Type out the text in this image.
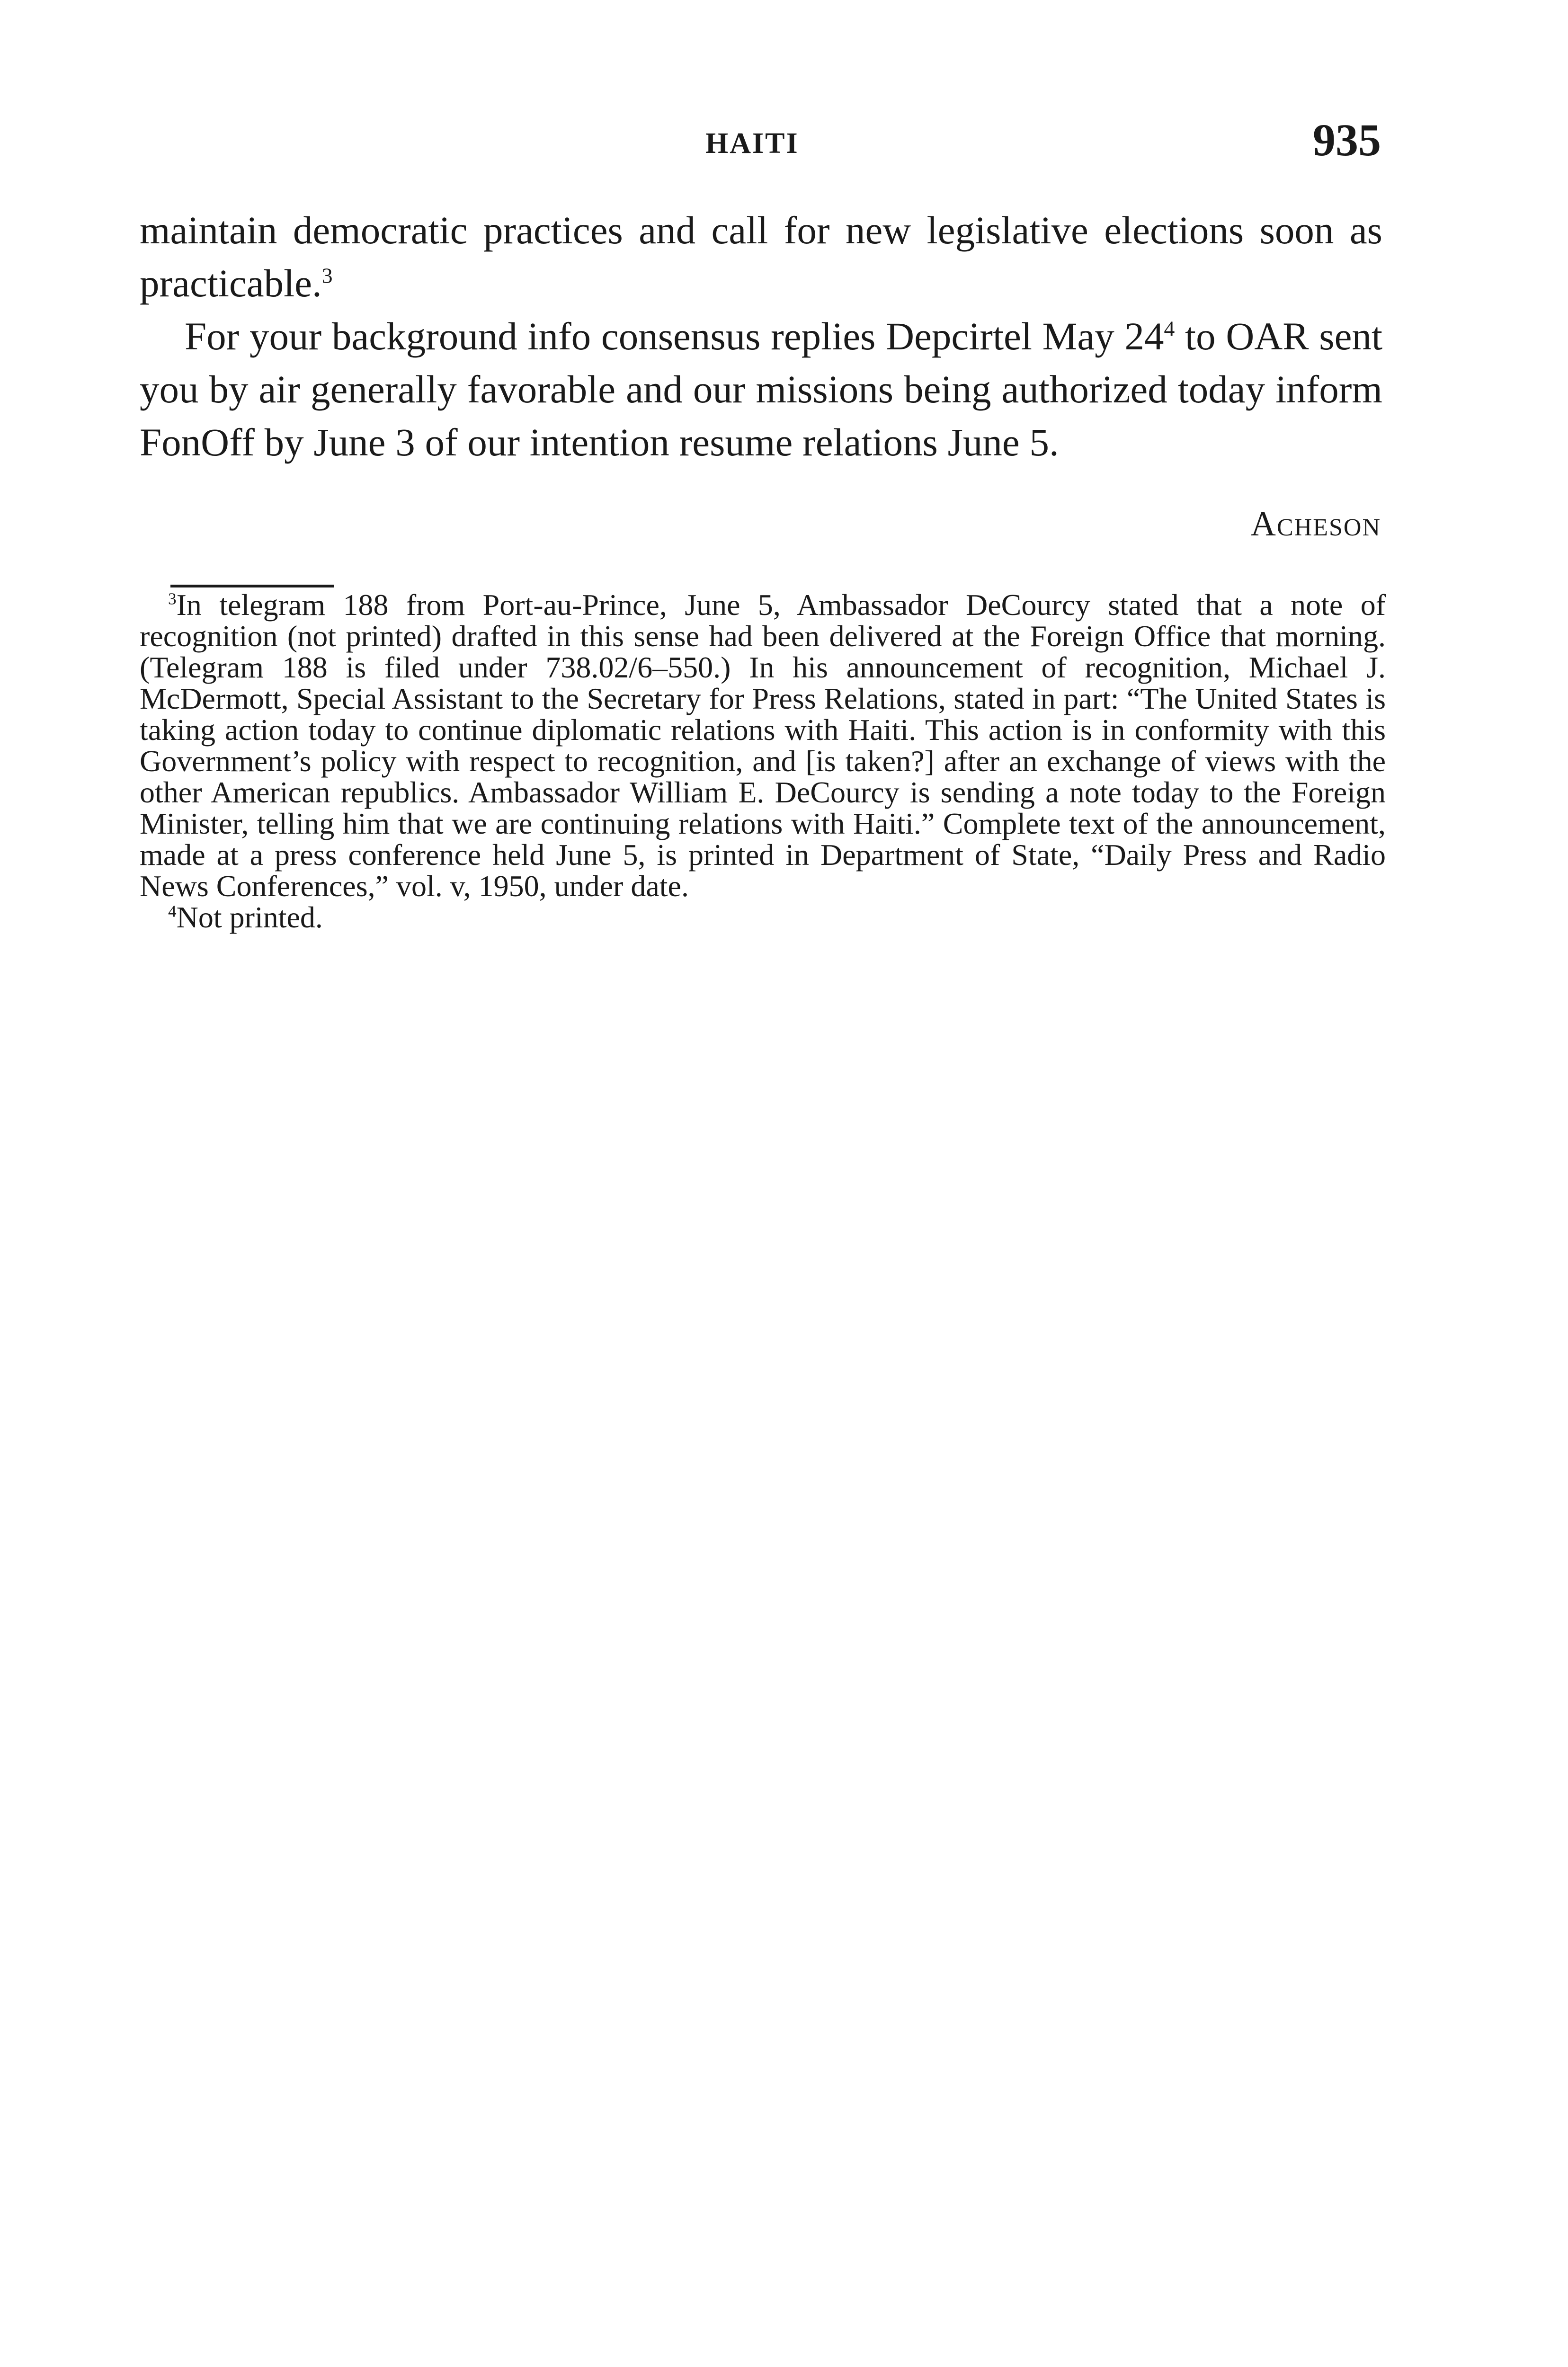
HAITI	935

maintain democratic practices and call for new legislative elections soon as practicable.$^3$

For your background info consensus replies Depcirtel May $24^4$ to OAR sent you by air generally favorable and our missions being authorized today inform FonOff by June 3 of our intention resume relations June 5.

Acheson

$^3$In telegram 188 from Port-au-Prince, June 5, Ambassador DeCourcy stated that a note of recognition (not printed) drafted in this sense had been delivered at the Foreign Office that morning. (Telegram 188 is filed under 738.02/6–550.) In his announcement of recognition, Michael J. McDermott, Special Assistant to the Secretary for Press Relations, stated in part: “The United States is taking action today to continue diplomatic relations with Haiti. This action is in conformity with this Government’s policy with respect to recognition, and [is taken?] after an exchange of views with the other American republics. Ambassador William E. DeCourcy is sending a note today to the Foreign Minister, telling him that we are continuing relations with Haiti.” Complete text of the announcement, made at a press conference held June 5, is printed in Department of State, “Daily Press and Radio News Conferences,” vol. v, 1950, under date.

$^4$Not printed.
